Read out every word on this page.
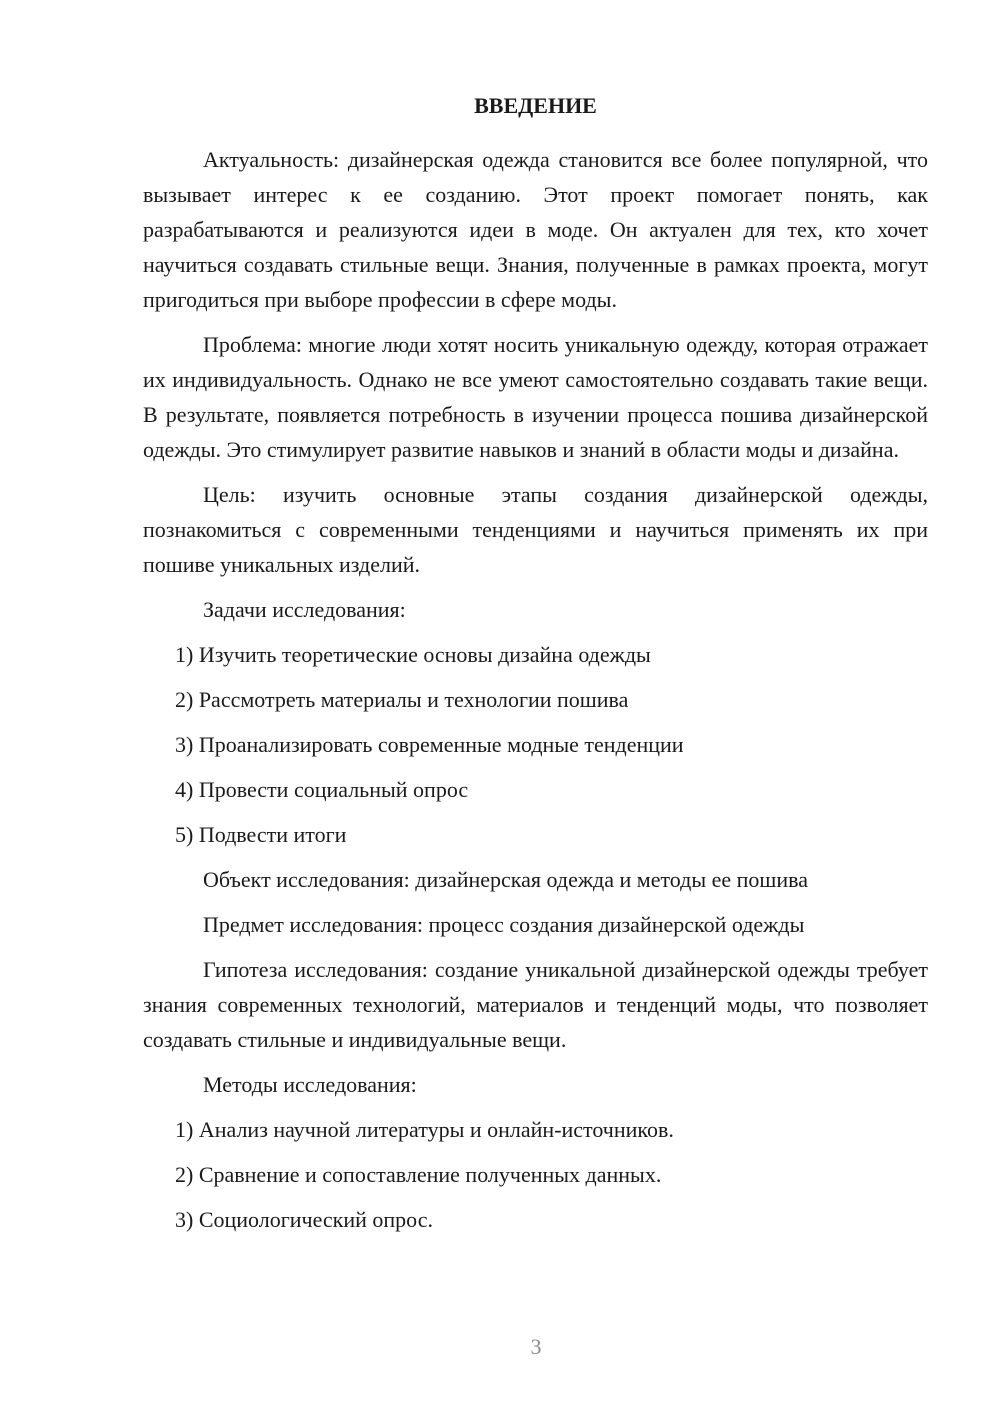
ВВЕДЕНИЕ

Актуальность: дизайнерская одежда становится все более популярной, что вызывает интерес к ее созданию. Этот проект помогает понять, как разрабатываются и реализуются идеи в моде. Он актуален для тех, кто хочет научиться создавать стильные вещи. Знания, полученные в рамках проекта, могут пригодиться при выборе профессии в сфере моды.

Проблема: многие люди хотят носить уникальную одежду, которая отражает их индивидуальность. Однако не все умеют самостоятельно создавать такие вещи. В результате, появляется потребность в изучении процесса пошива дизайнерской одежды. Это стимулирует развитие навыков и знаний в области моды и дизайна.

Цель: изучить основные этапы создания дизайнерской одежды, познакомиться с современными тенденциями и научиться применять их при пошиве уникальных изделий.

Задачи исследования:
1) Изучить теоретические основы дизайна одежды
2) Рассмотреть материалы и технологии пошива
3) Проанализировать современные модные тенденции
4) Провести социальный опрос
5) Подвести итоги
Объект исследования: дизайнерская одежда и методы ее пошива
Предмет исследования: процесс создания дизайнерской одежды

Гипотеза исследования: создание уникальной дизайнерской одежды требует знания современных технологий, материалов и тенденций моды, что позволяет создавать стильные и индивидуальные вещи.

Методы исследования:
1) Анализ научной литературы и онлайн-источников.
2) Сравнение и сопоставление полученных данных.
3) Социологический опрос.
3
